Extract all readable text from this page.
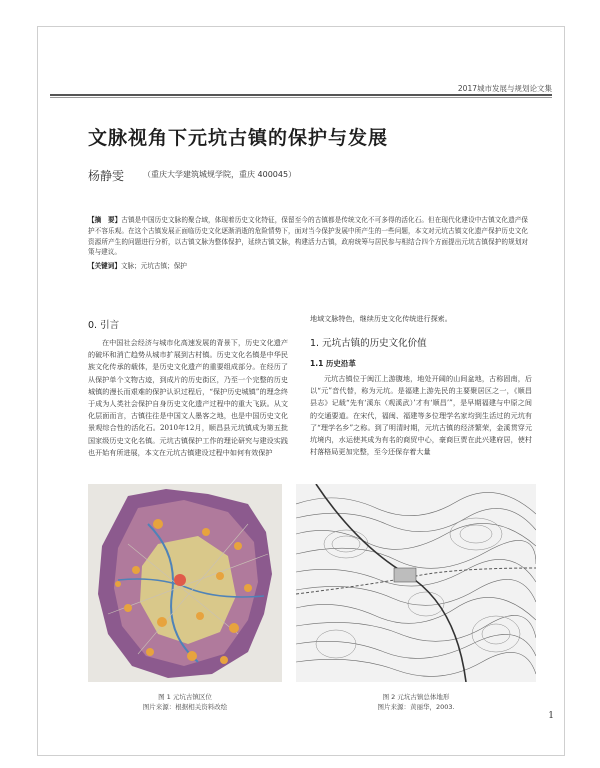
2017城市发展与规划论文集
文脉视角下元坑古镇的保护与发展
杨静雯 （重庆大学建筑城规学院，重庆 400045）
【摘　要】古镇是中国历史文脉的聚合域，体现着历史文化特征，保留至今的古镇都是传统文化不可多得的活化石。但在现代化建设中古镇文化遗产保护不容乐观。在这个古镇发展正面临历史文化逐渐消逝的危险情势下，面对当今保护发展中所产生的一些问题，本文对元坑古镇文化遗产保护历史文化资源所产生的问题进行分析，以古镇文脉为整体保护，延续古镇文脉，构建活力古镇，政府统筹与居民参与相结合四个方面提出元坑古镇保护的规划对策与建议。
【关键词】文脉；元坑古镇；保护
0. 引言
在中国社会经济与城市化高速发展的背景下，历史文化遗产的破坏和消亡趋势从城市扩展到古村镇。历史文化名镇是中华民族文化传承的载体，是历史文化遗产的重要组成部分。在经历了从保护单个文物古迹，到成片的历史街区，乃至一个完整的历史城镇的漫长而艰难的保护认识过程后，“保护历史城镇”的理念终于成为人类社会保护自身历史文化遗产过程中的重大飞跃。从文化层面而言，古镇往往是中国文人墨客之地，也是中国历史文化景观综合性的活化石。2010年12月，顺昌县元坑镇成为第五批国家级历史文化名镇。元坑古镇保护工作的理论研究与建设实践也开始有所进展，本文在元坑古镇建设过程中如何有效保护
地域文脉特色，继续历史文化传统进行探索。
1. 元坑古镇的历史文化价值
1.1 历史沿革
元坑古镇位于闽江上游腹地，地处开阔的山间盆地，古称固南，后以“元”音代替，称为元坑。是福建上游先民的主要聚居区之一，《顺昌县志》记载“先有‘溪东（观溪武）’才有‘顺昌’”，是早期福建与中原之间的交通要道。在宋代，福闽、福建等多位理学名家均到生活过的元坑有了“理学名乡”之称。到了明清时期，元坑古镇的经济繁荣，金溪贯穿元坑境内，水运使其成为有名的商贸中心，豪商巨贾在此兴建府居，使村村落格局更加完整，至今还保存着大量
图 1 元坑古镇区位
图片来源：根据相关资料改绘
图 2 元坑古镇总体地形
图片来源：黄丽华，2003.
1
